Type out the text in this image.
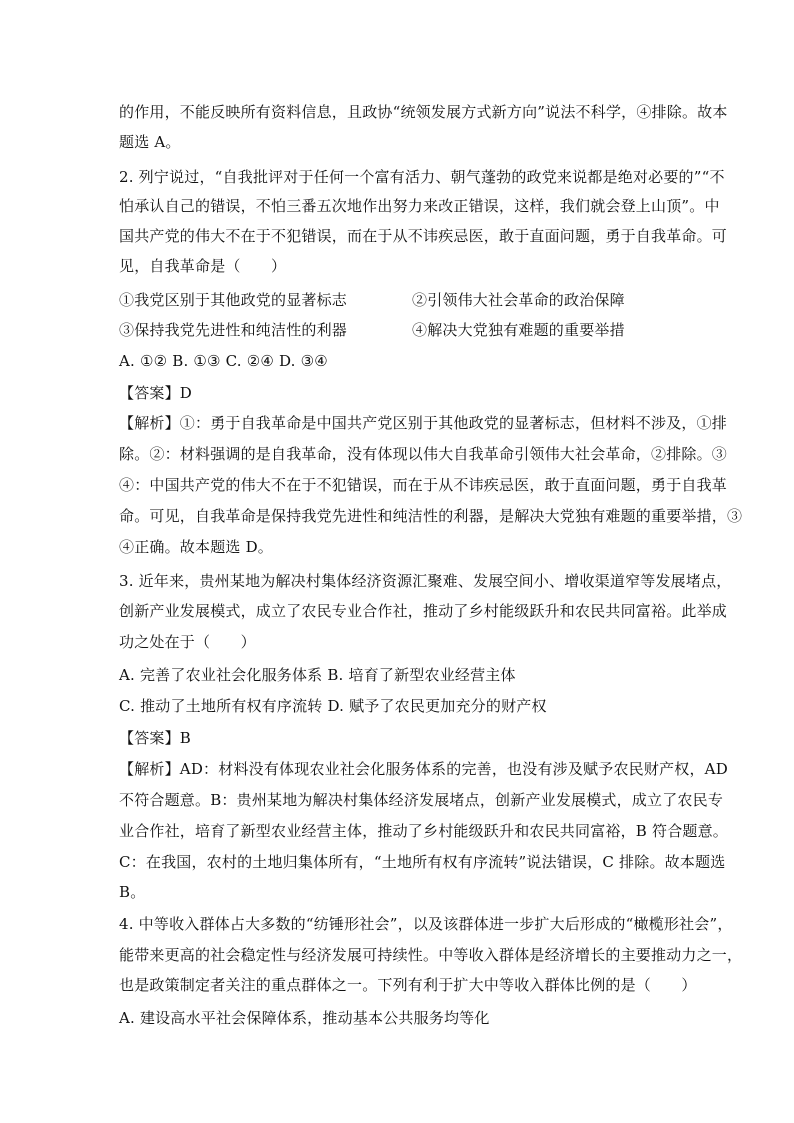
的作用，不能反映所有资料信息，且政协“统领发展方式新方向”说法不科学，④排除。故本
题选 A。
2. 列宁说过，“自我批评对于任何一个富有活力、朝气蓬勃的政党来说都是绝对必要的”“不
怕承认自己的错误，不怕三番五次地作出努力来改正错误，这样，我们就会登上山顶”。中
国共产党的伟大不在于不犯错误，而在于从不讳疾忌医，敢于直面问题，勇于自我革命。可
见，自我革命是（　　）
①我党区别于其他政党的显著标志	②引领伟大社会革命的政治保障
③保持我党先进性和纯洁性的利器	④解决大党独有难题的重要举措
A. ①② B. ①③ C. ②④ D. ③④
【答案】D
【解析】①：勇于自我革命是中国共产党区别于其他政党的显著标志，但材料不涉及，①排
除。②：材料强调的是自我革命，没有体现以伟大自我革命引领伟大社会革命，②排除。③
④：中国共产党的伟大不在于不犯错误，而在于从不讳疾忌医，敢于直面问题，勇于自我革
命。可见，自我革命是保持我党先进性和纯洁性的利器，是解决大党独有难题的重要举措，③
④正确。故本题选 D。
3. 近年来，贵州某地为解决村集体经济资源汇聚难、发展空间小、增收渠道窄等发展堵点，
创新产业发展模式，成立了农民专业合作社，推动了乡村能级跃升和农民共同富裕。此举成
功之处在于（　　）
A. 完善了农业社会化服务体系 B. 培育了新型农业经营主体
C. 推动了土地所有权有序流转 D. 赋予了农民更加充分的财产权
【答案】B
【解析】AD：材料没有体现农业社会化服务体系的完善，也没有涉及赋予农民财产权，AD
不符合题意。B：贵州某地为解决村集体经济发展堵点，创新产业发展模式，成立了农民专
业合作社，培育了新型农业经营主体，推动了乡村能级跃升和农民共同富裕，B 符合题意。
C：在我国，农村的土地归集体所有，“土地所有权有序流转”说法错误，C 排除。故本题选
B。
4. 中等收入群体占大多数的“纺锤形社会”，以及该群体进一步扩大后形成的“橄榄形社会”，
能带来更高的社会稳定性与经济发展可持续性。中等收入群体是经济增长的主要推动力之一，
也是政策制定者关注的重点群体之一。下列有利于扩大中等收入群体比例的是（　　）
A. 建设高水平社会保障体系，推动基本公共服务均等化
